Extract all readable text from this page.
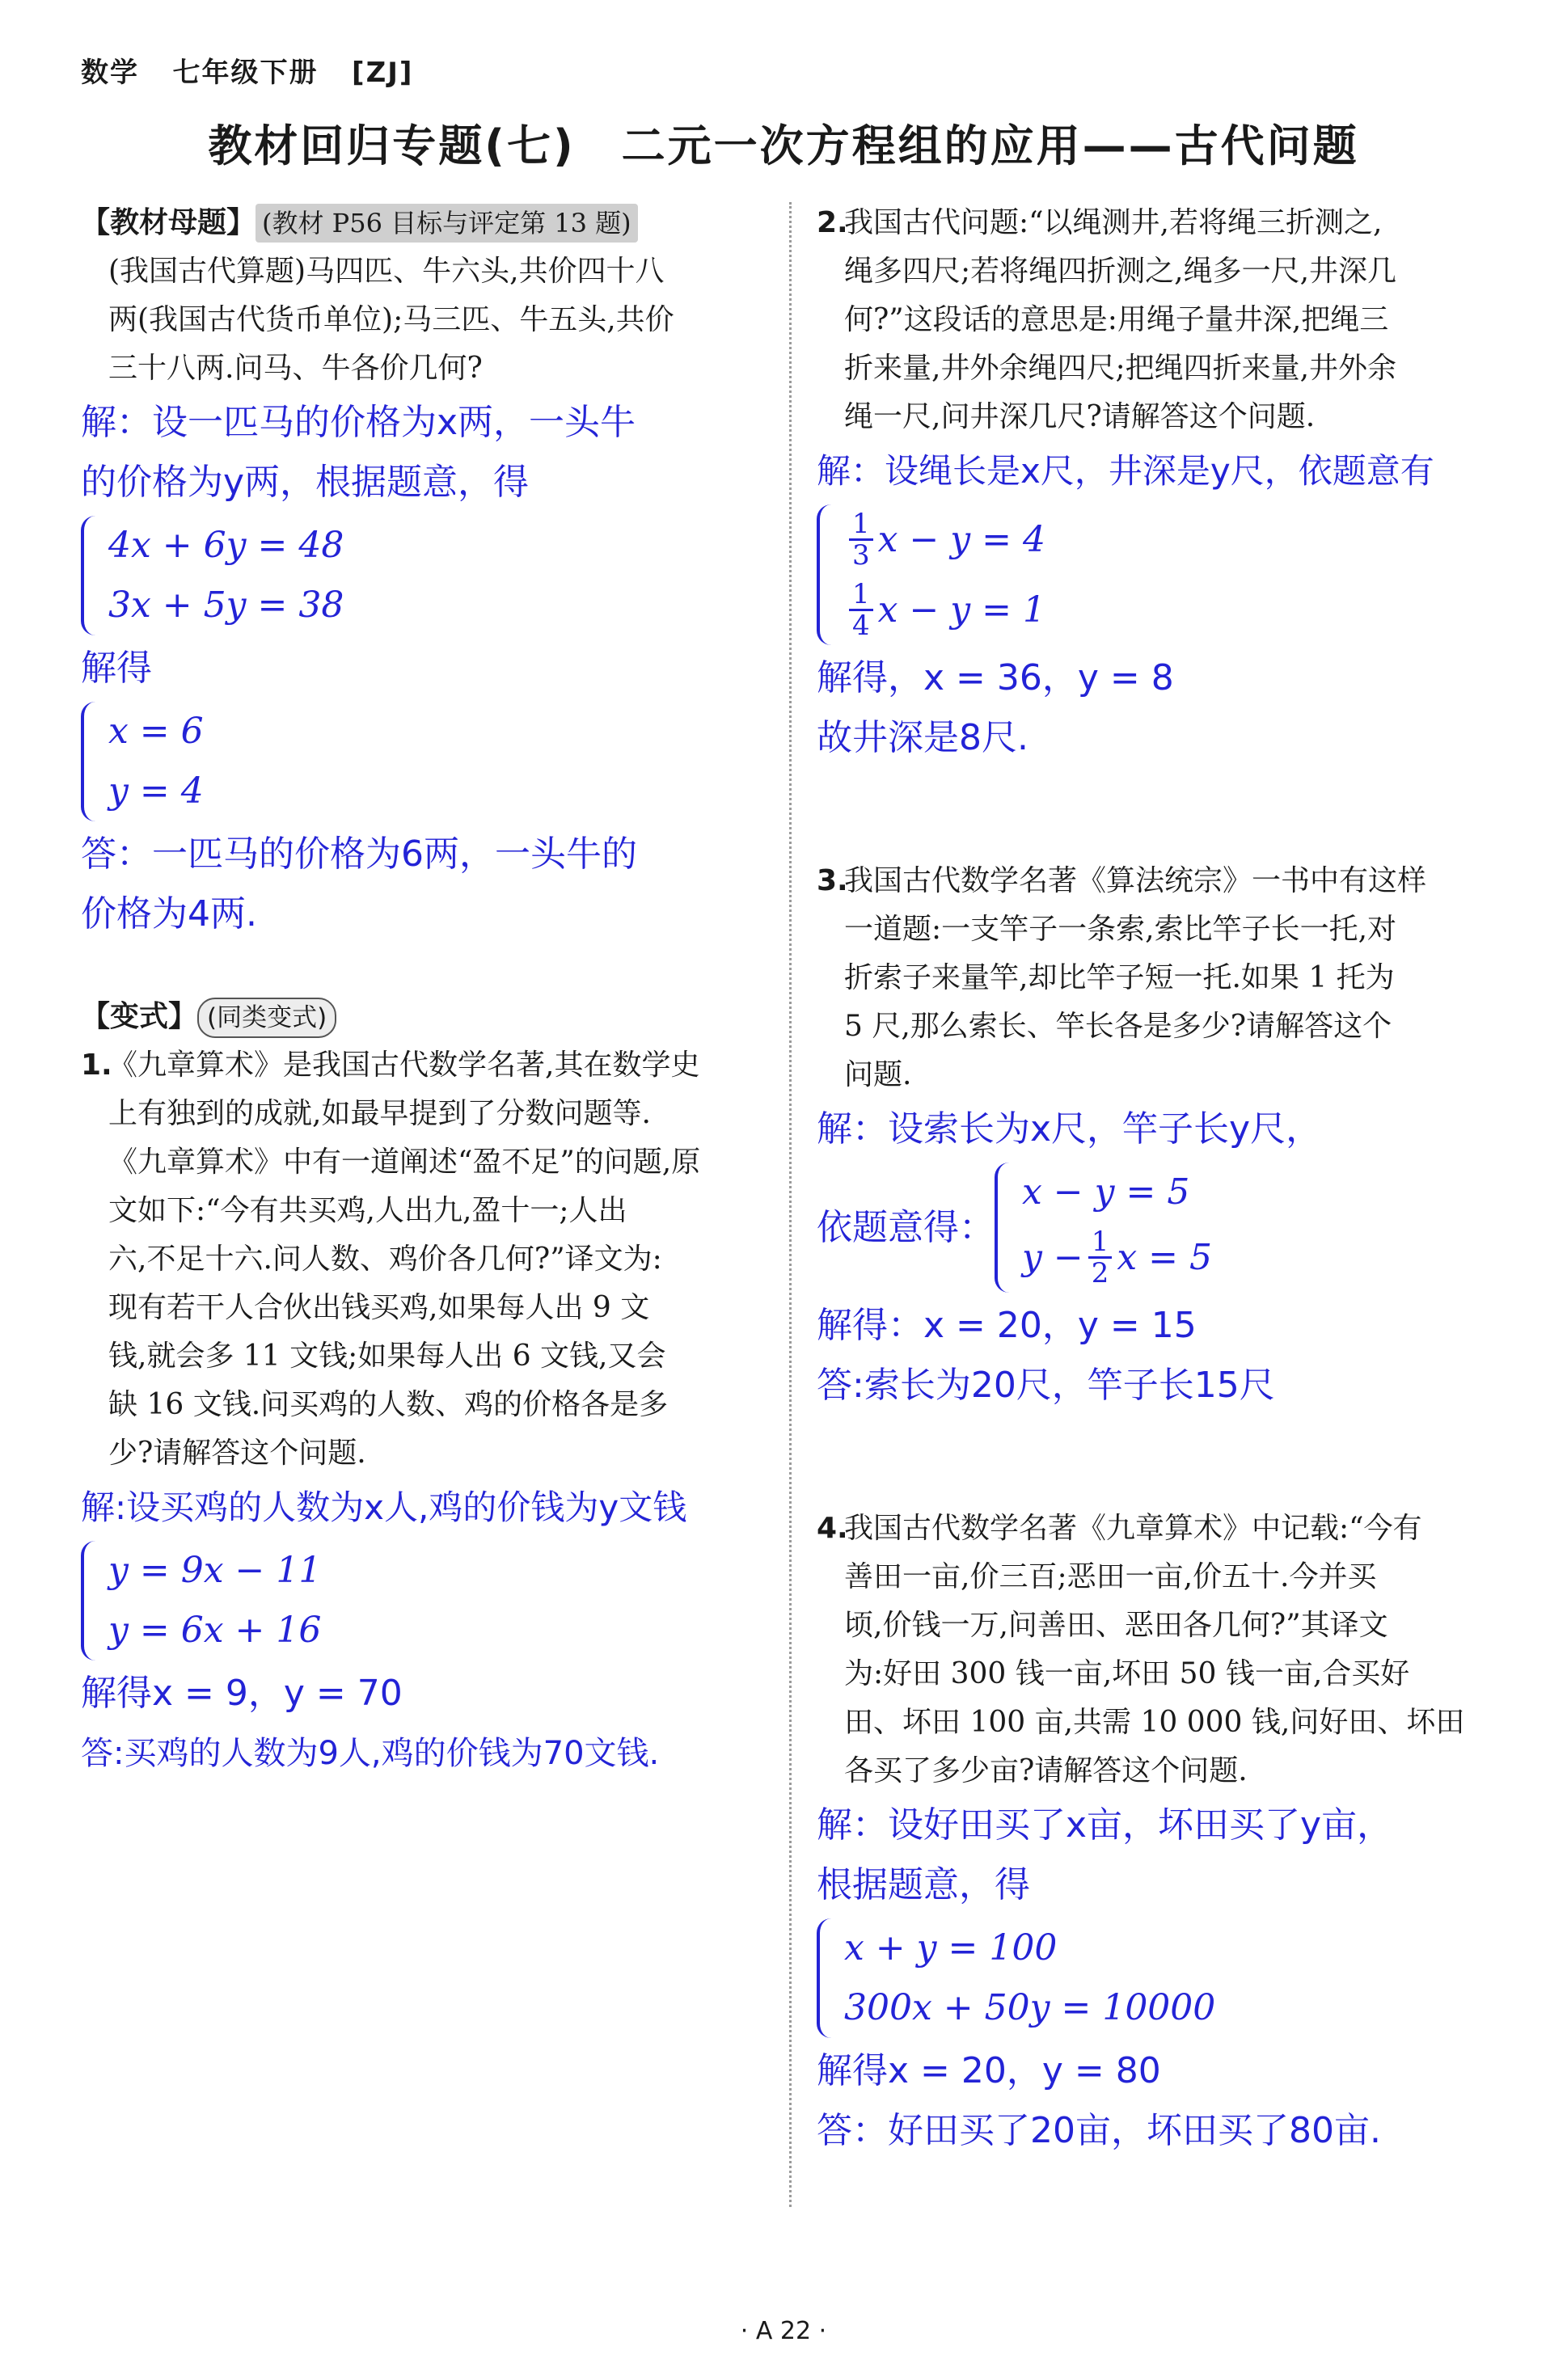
数学 七年级下册 [ZJ]
教材回归专题(七)　二元一次方程组的应用——古代问题
【教材母题】 (教材 P56 目标与评定第 13 题)
(我国古代算题)马四匹、牛六头,共价四十八
两(我国古代货币单位);马三匹、牛五头,共价
三十八两.问马、牛各价几何?
解：设一匹马的价格为x两，一头牛
的价格为y两，根据题意，得
4x + 6y = 48
3x + 5y = 38
解得
x = 6
y = 4
答：一匹马的价格为6两，一头牛的
价格为4两.
【变式】 (同类变式)
1.
《九章算术》是我国古代数学名著,其在数学史
上有独到的成就,如最早提到了分数问题等.
《九章算术》中有一道阐述“盈不足”的问题,原
文如下:“今有共买鸡,人出九,盈十一;人出
六,不足十六.问人数、鸡价各几何?”译文为:
现有若干人合伙出钱买鸡,如果每人出 9 文
钱,就会多 11 文钱;如果每人出 6 文钱,又会
缺 16 文钱.问买鸡的人数、鸡的价格各是多
少?请解答这个问题.
解:设买鸡的人数为x人,鸡的价钱为y文钱
y = 9x − 11
y = 6x + 16
解得x = 9，y = 70
答:买鸡的人数为9人,鸡的价钱为70文钱.
2.
我国古代问题:“以绳测井,若将绳三折测之,
绳多四尺;若将绳四折测之,绳多一尺,井深几
何?”这段话的意思是:用绳子量井深,把绳三
折来量,井外余绳四尺;把绳四折来量,井外余
绳一尺,问井深几尺?请解答这个问题.
解：设绳长是x尺，井深是y尺，依题意有
$\frac{1}{3}$ x − y = 4
$\frac{1}{4}$ x − y = 1
解得，x = 36，y = 8
故井深是8尺.
3.
我国古代数学名著《算法统宗》一书中有这样
一道题:一支竿子一条索,索比竿子长一托,对
折索子来量竿,却比竿子短一托.如果 1 托为
5 尺,那么索长、竿长各是多少?请解答这个
问题.
解：设索长为x尺，竿子长y尺，
依题意得：
x − y = 5
$y - \frac{1}{2}$ x = 5
解得：x = 20，y = 15
答:索长为20尺，竿子长15尺
4.
我国古代数学名著《九章算术》中记载:“今有
善田一亩,价三百;恶田一亩,价五十.今并买
顷,价钱一万,问善田、恶田各几何?”其译文
为:好田 300 钱一亩,坏田 50 钱一亩,合买好
田、坏田 100 亩,共需 10 000 钱,问好田、坏田
各买了多少亩?请解答这个问题.
解：设好田买了x亩，坏田买了y亩，
根据题意，得
x + y = 100
300x + 50y = 10000
解得x = 20，y = 80
答：好田买了20亩，坏田买了80亩.
· A 22 ·
